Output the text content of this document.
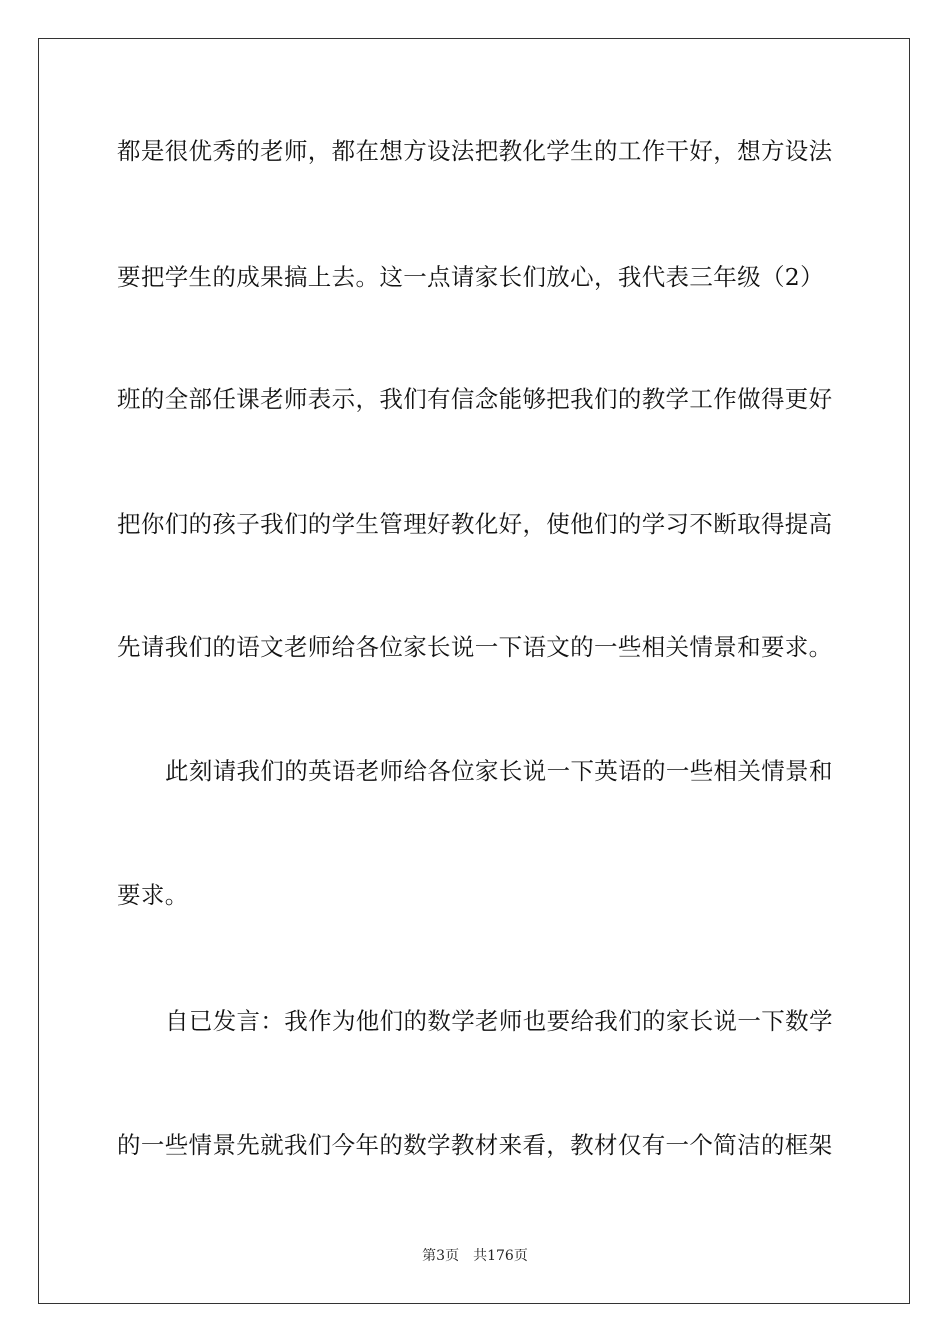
都是很优秀的老师，都在想方设法把教化学生的工作干好，想方设法
要把学生的成果搞上去。这一点请家长们放心，我代表三年级（2）
班的全部任课老师表示，我们有信念能够把我们的教学工作做得更好
把你们的孩子我们的学生管理好教化好，使他们的学习不断取得提高
先请我们的语文老师给各位家长说一下语文的一些相关情景和要求。
此刻请我们的英语老师给各位家长说一下英语的一些相关情景和
要求。
自已发言：我作为他们的数学老师也要给我们的家长说一下数学
的一些情景先就我们今年的数学教材来看，教材仅有一个简洁的框架
第3页 共176页
